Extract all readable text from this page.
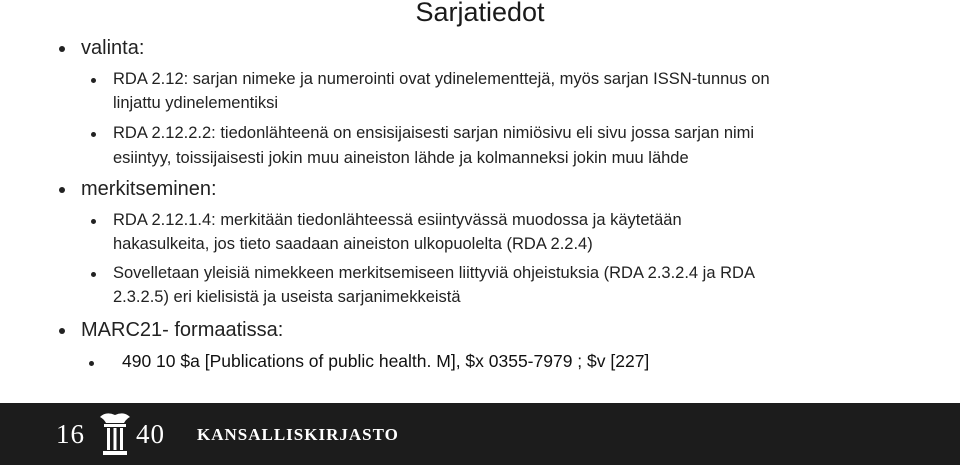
Sarjatiedot
valinta:
RDA 2.12: sarjan nimeke ja numerointi ovat ydinelementtejä, myös sarjan ISSN-tunnus on
linjattu ydinelementiksi
RDA 2.12.2.2: tiedonlähteenä on ensisijaisesti sarjan nimiösivu eli sivu jossa sarjan nimi
esiintyy, toissijaisesti jokin muu aineiston lähde ja kolmanneksi jokin muu lähde
merkitseminen:
RDA 2.12.1.4: merkitään tiedonlähteessä esiintyvässä muodossa ja käytetään
hakasulkeita, jos tieto saadaan aineiston ulkopuolelta (RDA 2.2.4)
Sovelletaan yleisiä nimekkeen merkitsemiseen liittyviä ohjeistuksia (RDA 2.3.2.4 ja RDA
2.3.2.5) eri kielisistä ja useista sarjanimekkeistä
MARC21- formaatissa:
490 10 $a [Publications of public health. M], $x 0355-7979 ; $v [227]
16 40 KANSALLISKIRJASTO
